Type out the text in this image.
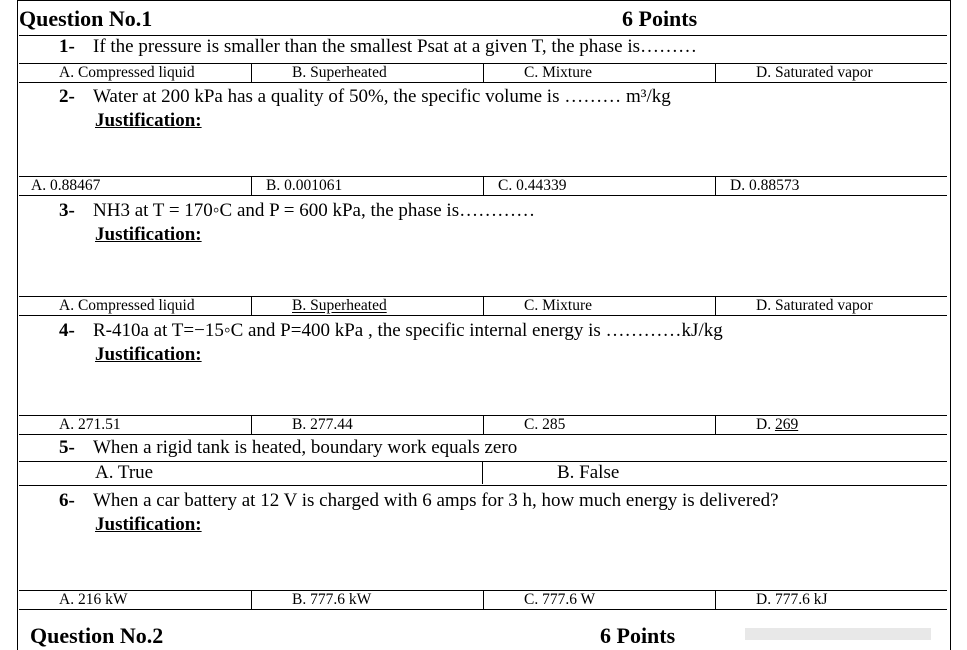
Question No.1	6 Points
1- If the pressure is smaller than the smallest Psat at a given T, the phase is………
A. Compressed liquid	B. Superheated	C. Mixture	D. Saturated vapor
2- Water at 200 kPa has a quality of 50%, the specific volume is ……… m³/kg
Justification:
A. 0.88467	B. 0.001061	C. 0.44339	D. 0.88573
3- NH3 at T = 170◦C and P = 600 kPa, the phase is…………
Justification:
A. Compressed liquid	B. Superheated	C. Mixture	D. Saturated vapor
4- R-410a at T=−15◦C and P=400 kPa , the specific internal energy is …………kJ/kg
Justification:
A. 271.51	B. 277.44	C. 285	D. 269
5- When a rigid tank is heated, boundary work equals zero
A. True	B. False
6- When a car battery at 12 V is charged with 6 amps for 3 h, how much energy is delivered?
Justification:
A. 216 kW	B. 777.6 kW	C. 777.6 W	D. 777.6 kJ
Question No.2	6 Points
